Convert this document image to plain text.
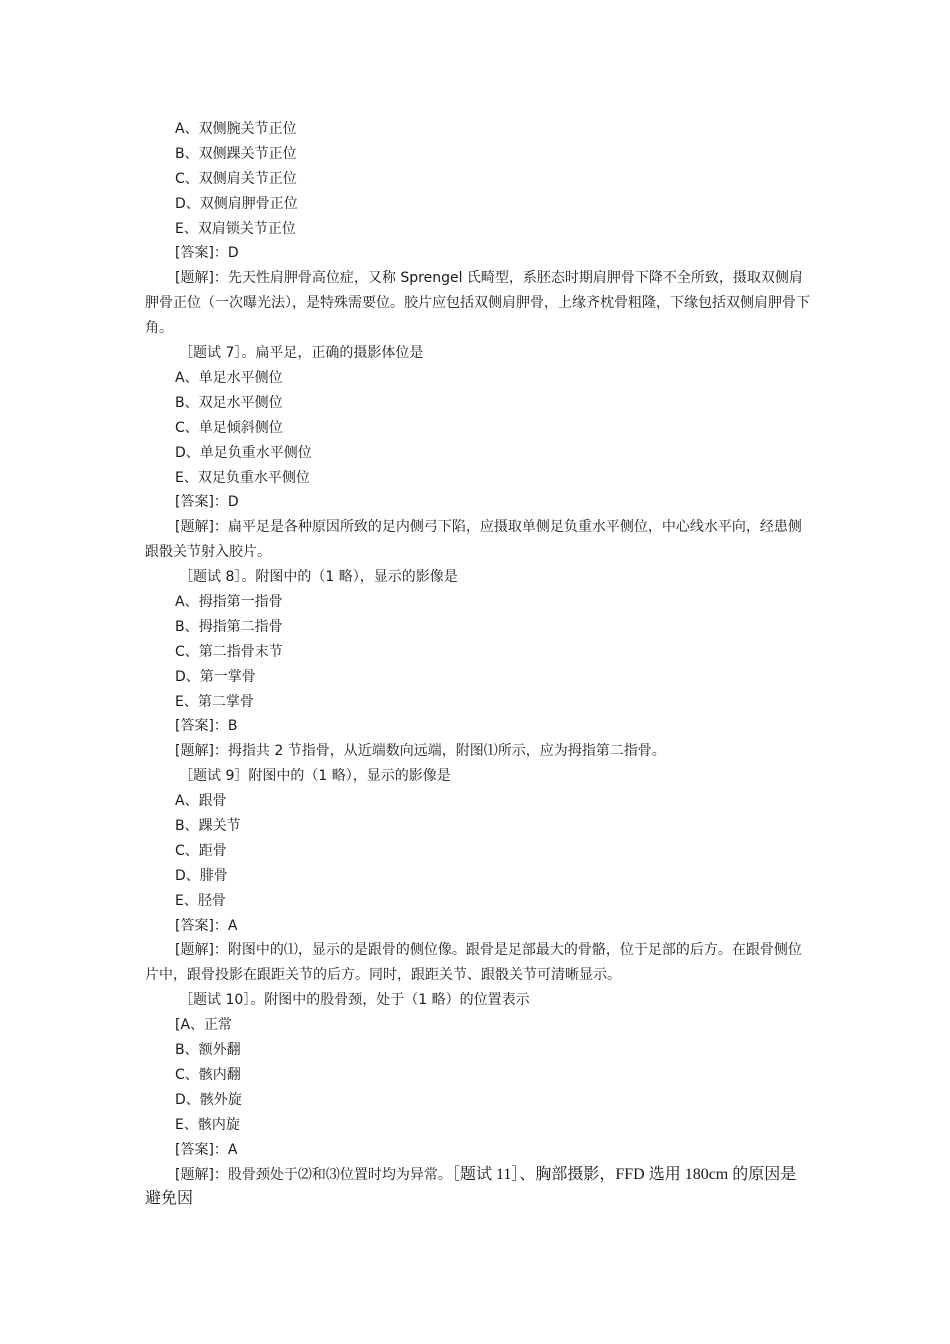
A、双侧腕关节正位
B、双侧踝关节正位
C、双侧肩关节正位
D、双侧肩胛骨正位
E、双肩锁关节正位
[答案]：D
[题解]：先天性肩胛骨高位症，又称 Sprengel 氏畸型，系胚态时期肩胛骨下降不全所致，摄取双侧肩胛骨正位（一次曝光法），是特殊需要位。胶片应包括双侧肩胛骨，上缘齐枕骨粗隆，下缘包括双侧肩胛骨下角。
［题试 7］。扁平足，正确的摄影体位是
A、单足水平侧位
B、双足水平侧位
C、单足倾斜侧位
D、单足负重水平侧位
E、双足负重水平侧位
[答案]：D
[题解]：扁平足是各种原因所致的足内侧弓下陷，应摄取单侧足负重水平侧位，中心线水平向，经患侧跟骰关节射入胶片。
［题试 8］。附图中的（1 略），显示的影像是
A、拇指第一指骨
B、拇指第二指骨
C、第二指骨末节
D、第一掌骨
E、第二掌骨
[答案]：B
[题解]：拇指共 2 节指骨，从近端数向远端，附图⑴所示，应为拇指第二指骨。
［题试 9］附图中的（1 略），显示的影像是
A、跟骨
B、踝关节
C、距骨
D、腓骨
E、胫骨
[答案]：A
[题解]：附图中的⑴，显示的是跟骨的侧位像。跟骨是足部最大的骨骼，位于足部的后方。在跟骨侧位片中，跟骨投影在跟距关节的后方。同时，跟距关节、跟骰关节可清晰显示。
［题试 10］。附图中的股骨颈，处于（1 略）的位置表示
[A、正常
B、额外翻
C、骸内翻
D、骸外旋
E、骸内旋
[答案]：A
[题解]：股骨颈处于⑵和⑶位置时均为异常。［题试 11］、胸部摄影，FFD 选用 180cm 的原因是避免因
